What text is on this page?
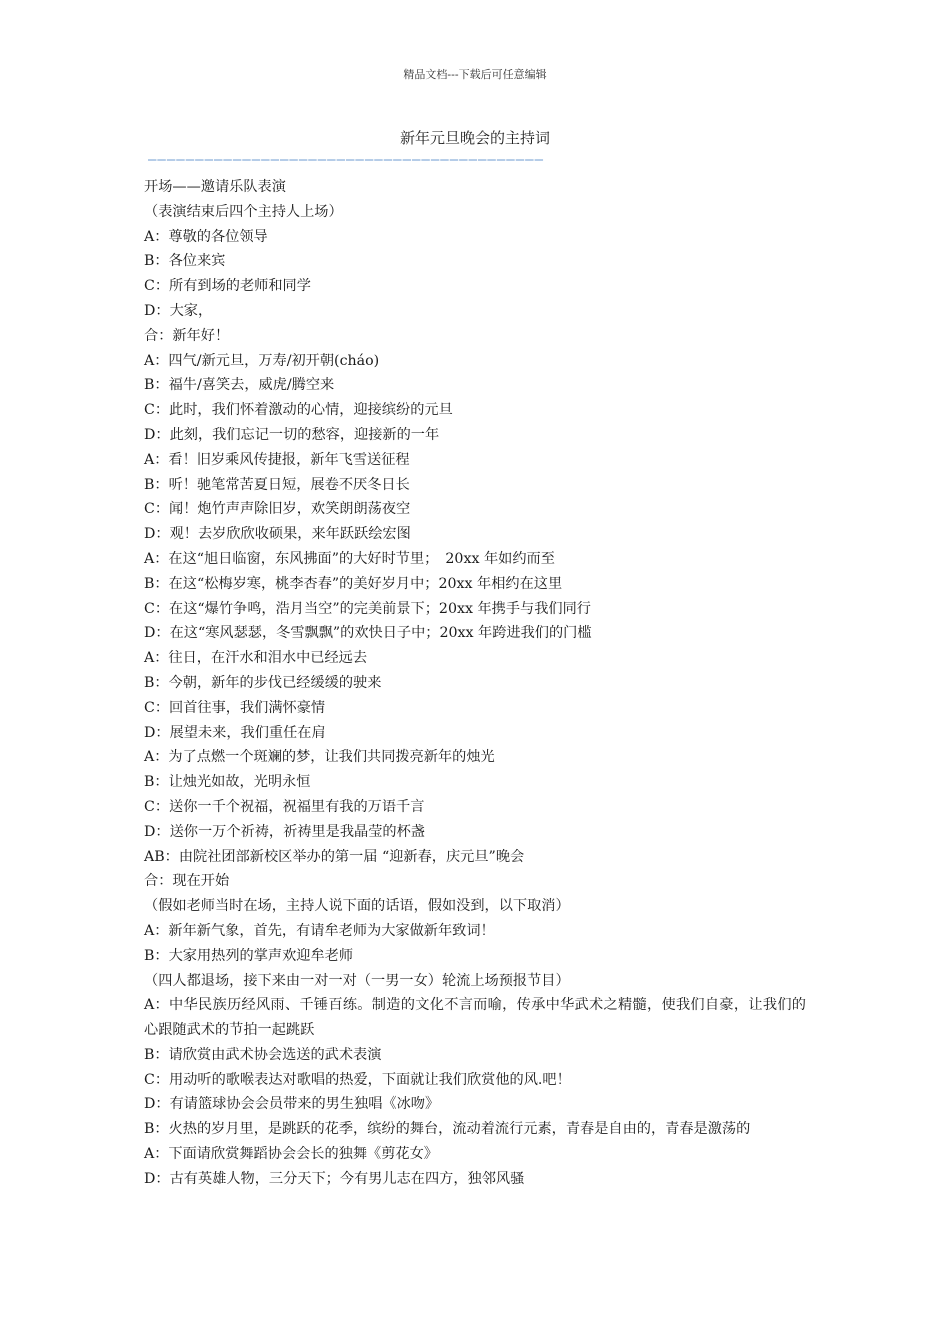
精品文档---下载后可任意编辑
新年元旦晚会的主持词
——————————————————————————————————————————

开场——邀请乐队表演

（表演结束后四个主持人上场）

A：尊敬的各位领导

B：各位来宾

C：所有到场的老师和同学

D：大家，

合：新年好！

A：四气/新元旦，万寿/初开朝(cháo)

B：福牛/喜笑去，威虎/腾空来

C：此时，我们怀着激动的心情，迎接缤纷的元旦

D：此刻，我们忘记一切的愁容，迎接新的一年

A：看！旧岁乘风传捷报，新年飞雪送征程

B：听！驰笔常苦夏日短，展卷不厌冬日长

C：闻！炮竹声声除旧岁，欢笑朗朗荡夜空

D：观！去岁欣欣收硕果，来年跃跃绘宏图

A：在这“旭日临窗，东风拂面”的大好时节里；　20xx 年如约而至

B：在这“松梅岁寒，桃李杏春”的美好岁月中；20xx 年相约在这里

C：在这“爆竹争鸣，浩月当空”的完美前景下；20xx 年携手与我们同行

D：在这“寒风瑟瑟，冬雪飘飘”的欢快日子中；20xx 年跨进我们的门槛

A：往日，在汗水和泪水中已经远去

B：今朝，新年的步伐已经缓缓的驶来

C：回首往事，我们满怀豪情

D：展望未来，我们重任在肩

A：为了点燃一个斑斓的梦，让我们共同拨亮新年的烛光

B：让烛光如故，光明永恒

C：送你一千个祝福，祝福里有我的万语千言

D：送你一万个祈祷，祈祷里是我晶莹的杯盏

AB：由院社团部新校区举办的第一届 “迎新春，庆元旦”晚会

合：现在开始

（假如老师当时在场，主持人说下面的话语，假如没到，以下取消）

A：新年新气象，首先，有请牟老师为大家做新年致词！

B：大家用热列的掌声欢迎牟老师

（四人都退场，接下来由一对一对（一男一女）轮流上场预报节目）

A：中华民族历经风雨、千锤百练。制造的文化不言而喻，传承中华武术之精髓，使我们自豪，让我们的心跟随武术的节拍一起跳跃

B：请欣赏由武术协会选送的武术表演

C：用动听的歌喉表达对歌唱的热爱，下面就让我们欣赏他的风.吧！

D：有请篮球协会会员带来的男生独唱《冰吻》

B：火热的岁月里，是跳跃的花季，缤纷的舞台，流动着流行元素，青春是自由的，青春是激荡的

A：下面请欣赏舞蹈协会会长的独舞《剪花女》

D：古有英雄人物，三分天下；今有男儿志在四方，独邻风骚
